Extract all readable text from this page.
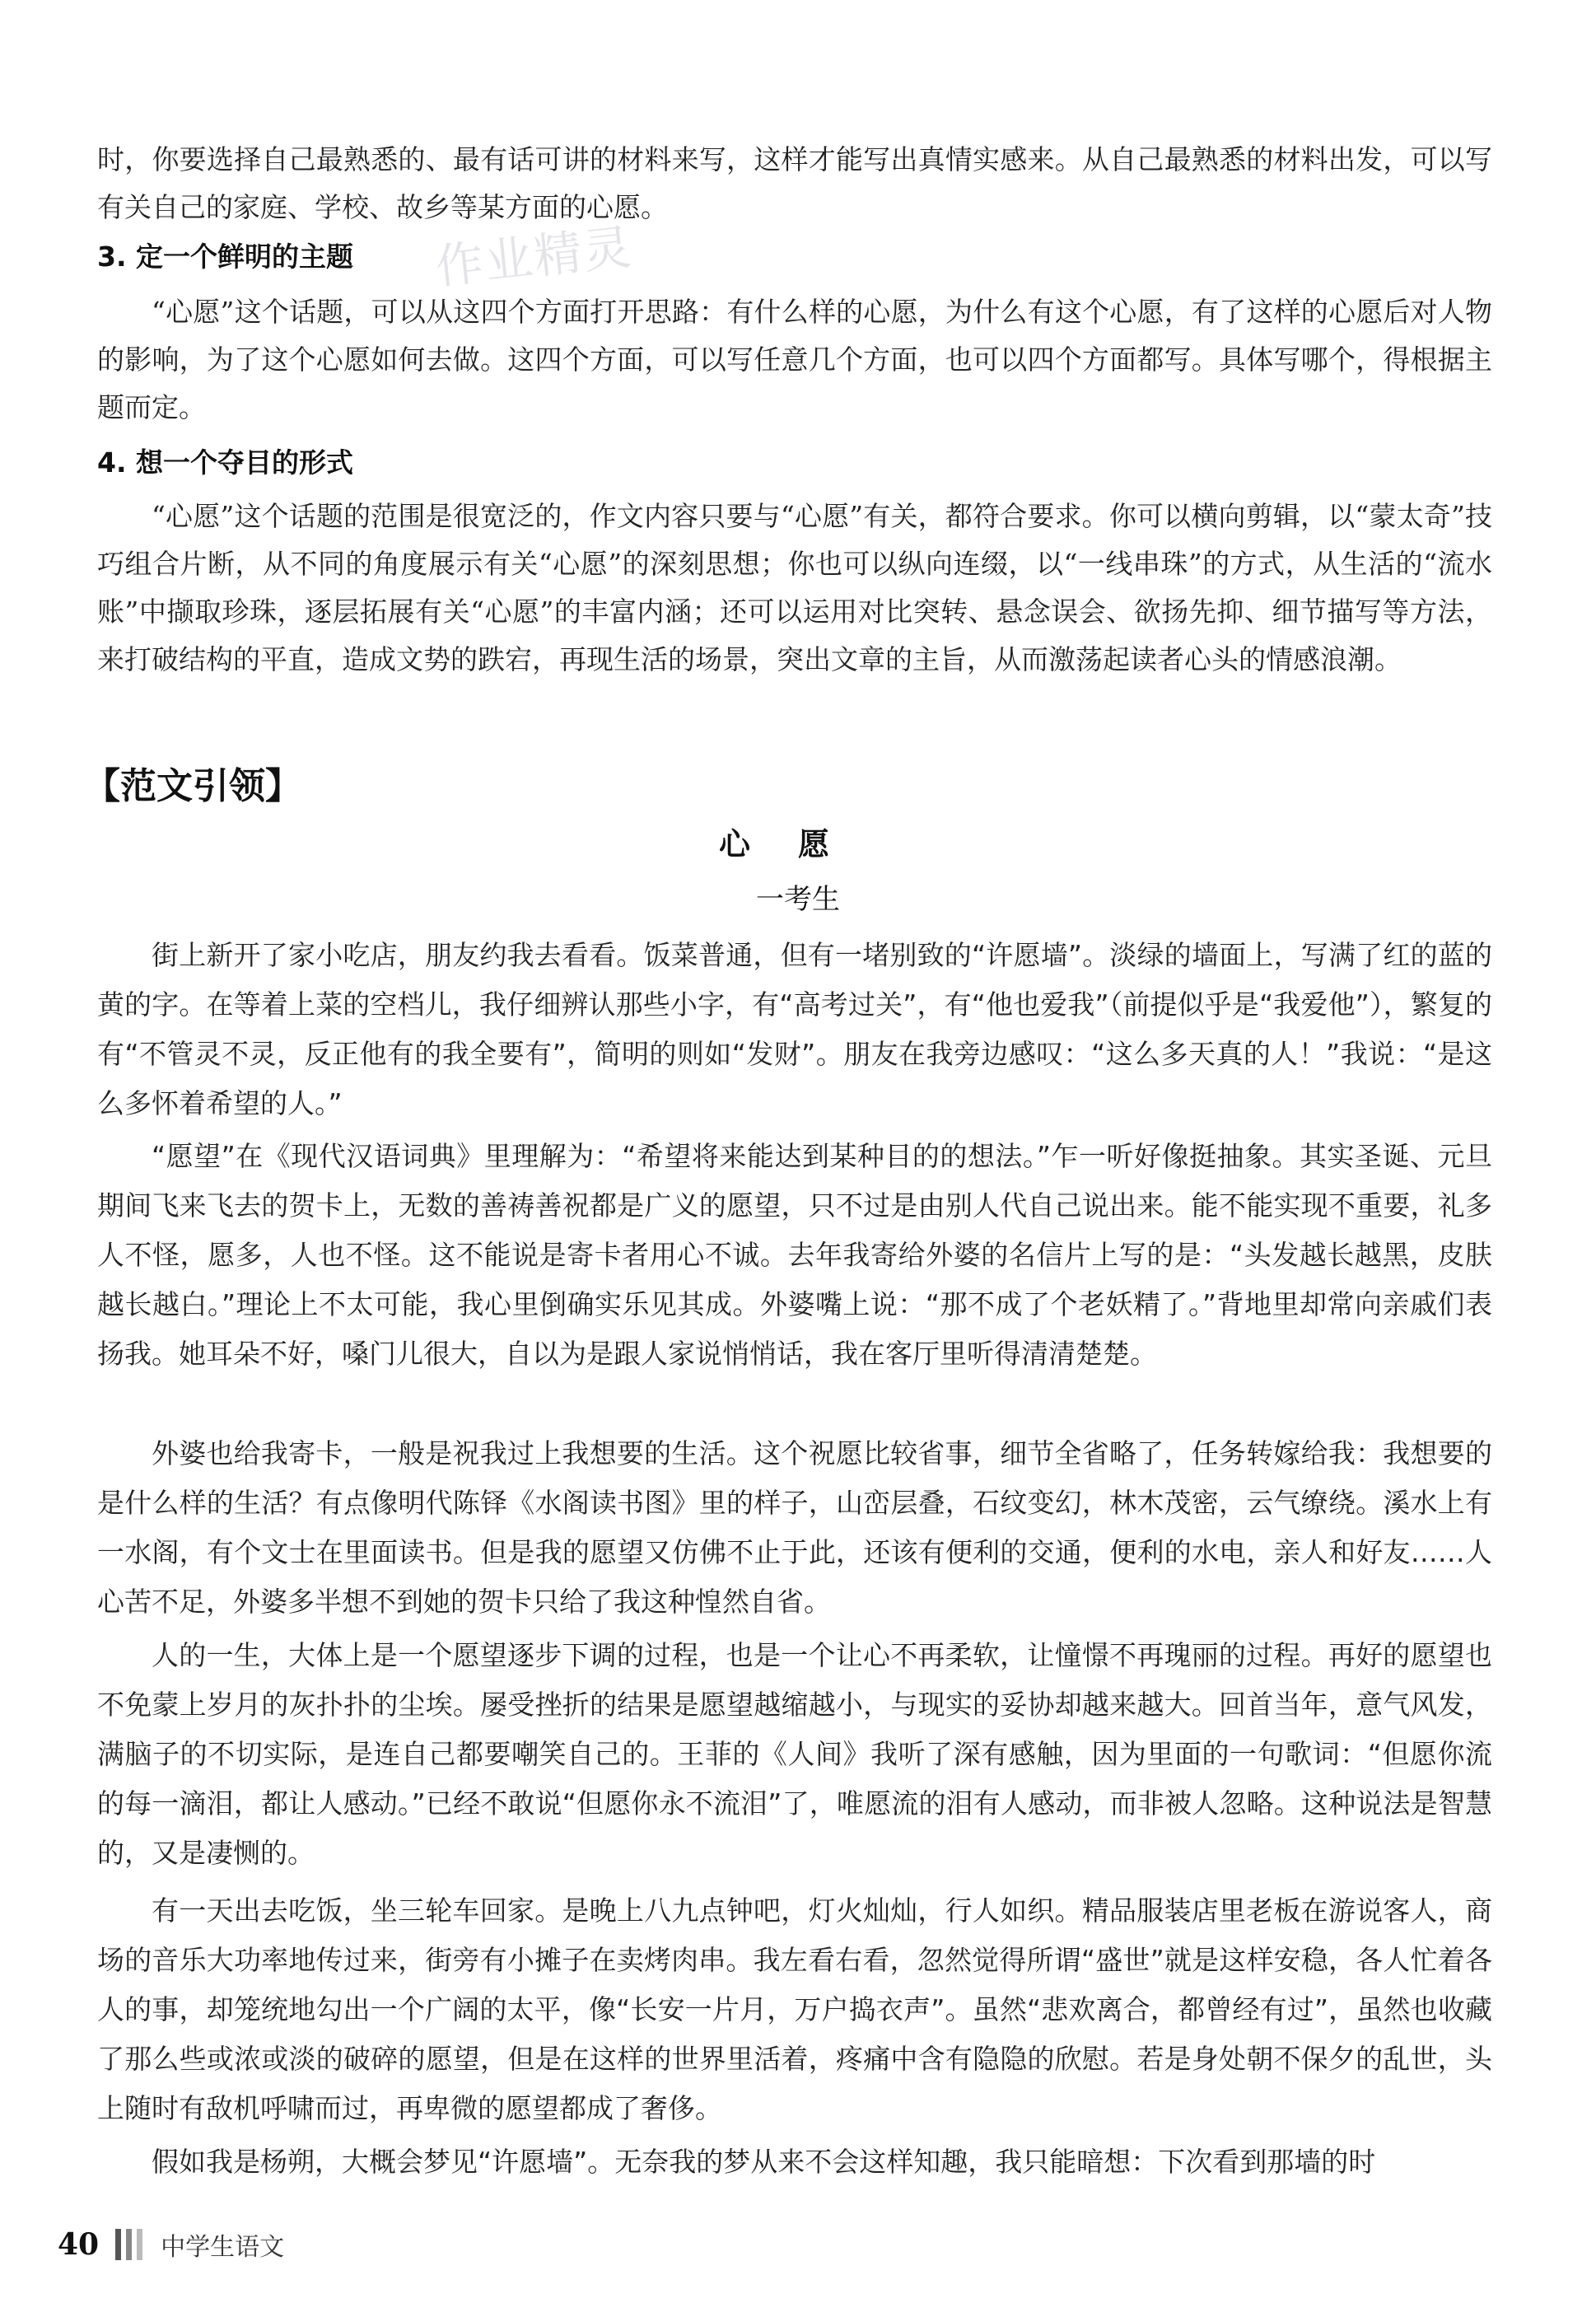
时，你要选择自己最熟悉的、最有话可讲的材料来写，这样才能写出真情实感来。从自己最熟悉的材料出发，可以写有关自己的家庭、学校、故乡等某方面的心愿。

3. 定一个鲜明的主题

“心愿”这个话题，可以从这四个方面打开思路：有什么样的心愿，为什么有这个心愿，有了这样的心愿后对人物的影响，为了这个心愿如何去做。这四个方面，可以写任意几个方面，也可以四个方面都写。具体写哪个，得根据主题而定。

4. 想一个夺目的形式

“心愿”这个话题的范围是很宽泛的，作文内容只要与“心愿”有关，都符合要求。你可以横向剪辑，以“蒙太奇”技巧组合片断，从不同的角度展示有关“心愿”的深刻思想；你也可以纵向连缀，以“一线串珠”的方式，从生活的“流水账”中撷取珍珠，逐层拓展有关“心愿”的丰富内涵；还可以运用对比突转、悬念误会、欲扬先抑、细节描写等方法，来打破结构的平直，造成文势的跌宕，再现生活的场景，突出文章的主旨，从而激荡起读者心头的情感浪潮。

作业精灵
【范文引领】
心愿
一考生

街上新开了家小吃店，朋友约我去看看。饭菜普通，但有一堵别致的“许愿墙”。淡绿的墙面上，写满了红的蓝的黄的字。在等着上菜的空档儿，我仔细辨认那些小字，有“高考过关”，有“他也爱我”（前提似乎是“我爱他”），繁复的有“不管灵不灵，反正他有的我全要有”，简明的则如“发财”。朋友在我旁边感叹：“这么多天真的人！”我说：“是这么多怀着希望的人。”

“愿望”在《现代汉语词典》里理解为：“希望将来能达到某种目的的想法。”乍一听好像挺抽象。其实圣诞、元旦期间飞来飞去的贺卡上，无数的善祷善祝都是广义的愿望，只不过是由别人代自己说出来。能不能实现不重要，礼多人不怪，愿多，人也不怪。这不能说是寄卡者用心不诚。去年我寄给外婆的名信片上写的是：“头发越长越黑，皮肤越长越白。”理论上不太可能，我心里倒确实乐见其成。外婆嘴上说：“那不成了个老妖精了。”背地里却常向亲戚们表扬我。她耳朵不好，嗓门儿很大，自以为是跟人家说悄悄话，我在客厅里听得清清楚楚。

外婆也给我寄卡，一般是祝我过上我想要的生活。这个祝愿比较省事，细节全省略了，任务转嫁给我：我想要的是什么样的生活？有点像明代陈铎《水阁读书图》里的样子，山峦层叠，石纹变幻，林木茂密，云气缭绕。溪水上有一水阁，有个文士在里面读书。但是我的愿望又仿佛不止于此，还该有便利的交通，便利的水电，亲人和好友……人心苦不足，外婆多半想不到她的贺卡只给了我这种惶然自省。

人的一生，大体上是一个愿望逐步下调的过程，也是一个让心不再柔软，让憧憬不再瑰丽的过程。再好的愿望也不免蒙上岁月的灰扑扑的尘埃。屡受挫折的结果是愿望越缩越小，与现实的妥协却越来越大。回首当年，意气风发，满脑子的不切实际，是连自己都要嘲笑自己的。王菲的《人间》我听了深有感触，因为里面的一句歌词：“但愿你流的每一滴泪，都让人感动。”已经不敢说“但愿你永不流泪”了，唯愿流的泪有人感动，而非被人忽略。这种说法是智慧的，又是凄恻的。

有一天出去吃饭，坐三轮车回家。是晚上八九点钟吧，灯火灿灿，行人如织。精品服装店里老板在游说客人，商场的音乐大功率地传过来，街旁有小摊子在卖烤肉串。我左看右看，忽然觉得所谓“盛世”就是这样安稳，各人忙着各人的事，却笼统地勾出一个广阔的太平，像“长安一片月，万户捣衣声”。虽然“悲欢离合，都曾经有过”，虽然也收藏了那么些或浓或淡的破碎的愿望，但是在这样的世界里活着，疼痛中含有隐隐的欣慰。若是身处朝不保夕的乱世，头上随时有敌机呼啸而过，再卑微的愿望都成了奢侈。

假如我是杨朔，大概会梦见“许愿墙”。无奈我的梦从来不会这样知趣，我只能暗想：下次看到那墙的时

40	中学生语文
